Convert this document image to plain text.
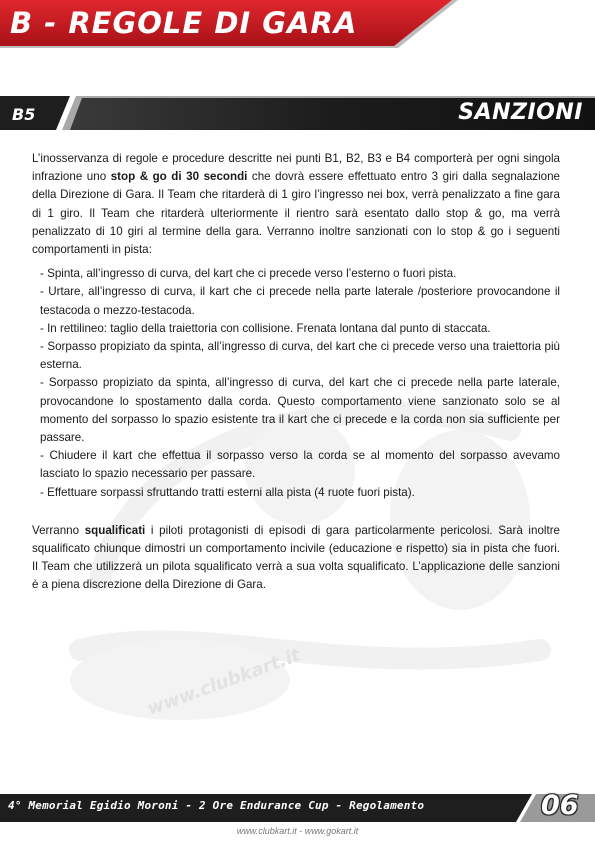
B - REGOLE DI GARA
B5	SANZIONI
www.clubkart.it

L’inosservanza di regole e procedure descritte nei punti B1, B2, B3 e B4 comporterà per ogni singola infrazione uno stop & go di 30 secondi che dovrà essere effettuato entro 3 giri dalla segnalazione della Direzione di Gara. Il Team che ritarderà di 1 giro l’ingresso nei box, verrà penalizzato a fine gara di 1 giro. Il Team che ritarderà ulteriormente il rientro sarà esentato dallo stop & go, ma verrà penalizzato di 10 giri al termine della gara. Verranno inoltre sanzionati con lo stop & go i seguenti comportamenti in pista:

- Spinta, all’ingresso di curva, del kart che ci precede verso l’esterno o fuori pista.
- Urtare, all’ingresso di curva, il kart che ci precede nella parte laterale /posteriore provocandone il testacoda o mezzo-testacoda.
- In rettilineo: taglio della traiettoria con collisione. Frenata lontana dal punto di staccata.
- Sorpasso propiziato da spinta, all’ingresso di curva, del kart che ci precede verso una traiettoria più esterna.
- Sorpasso propiziato da spinta, all’ingresso di curva, del kart che ci precede nella parte laterale, provocandone lo spostamento dalla corda. Questo comportamento viene sanzionato solo se al momento del sorpasso lo spazio esistente tra il kart che ci precede e la corda non sia sufficiente per passare.
- Chiudere il kart che effettua il sorpasso verso la corda se al momento del sorpasso avevamo lasciato lo spazio necessario per passare.
- Effettuare sorpassi sfruttando tratti esterni alla pista (4 ruote fuori pista).

Verranno squalificati i piloti protagonisti di episodi di gara particolarmente pericolosi. Sarà inoltre squalificato chiunque dimostri un comportamento incivile (educazione e rispetto) sia in pista che fuori. Il Team che utilizzerà un pilota squalificato verrà a sua volta squalificato. L’applicazione delle sanzioni è a piena discrezione della Direzione di Gara.

4° Memorial Egidio Moroni - 2 Ore Endurance Cup - Regolamento	06
www.clubkart.it - www.gokart.it
